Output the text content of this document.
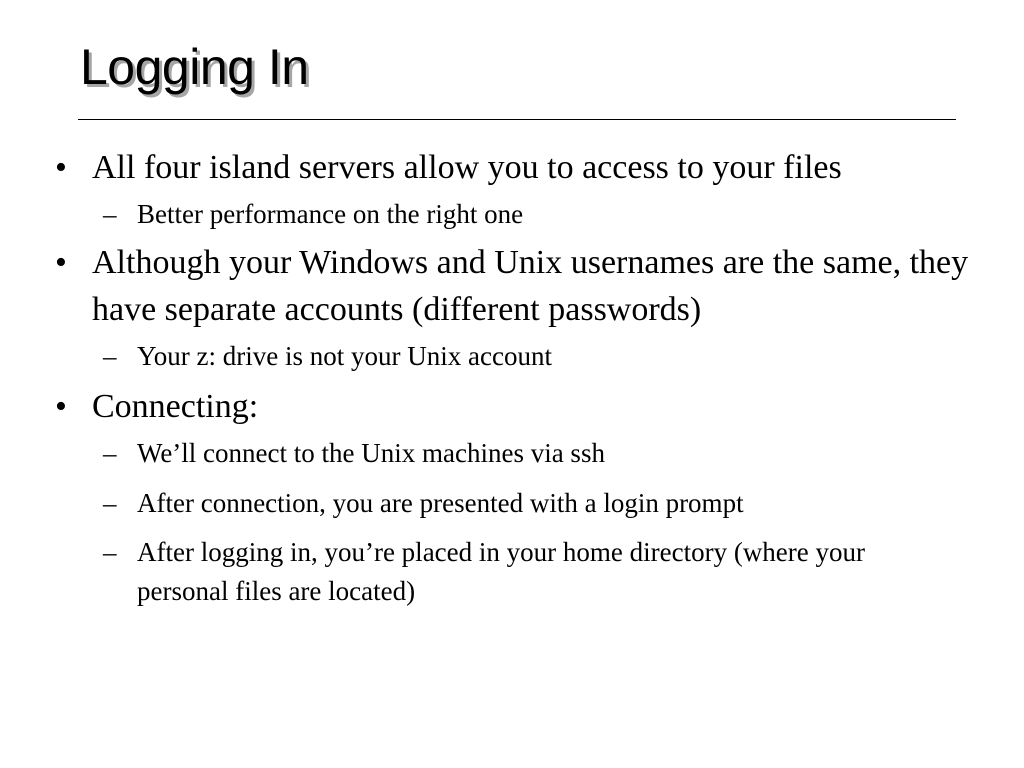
Logging In
• All four island servers allow you to access to your files
– Better performance on the right one
• Although your Windows and Unix usernames are the same, they have separate accounts (different passwords)
– Your z: drive is not your Unix account
• Connecting:
– We’ll connect to the Unix machines via ssh
– After connection, you are presented with a login prompt
– After logging in, you’re placed in your home directory (where your personal files are located)
